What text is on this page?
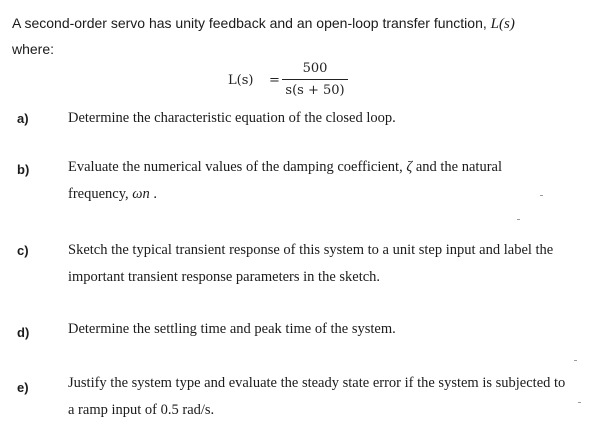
A second-order servo has unity feedback and an open-loop transfer function, L(s)
where:
L(s) =
500
s(s + 50)
a)	Determine the characteristic equation of the closed loop.
b)	Evaluate the numerical values of the damping coefficient, ζ and the natural frequency, ωn .
c)	Sketch the typical transient response of this system to a unit step input and label the important transient response parameters in the sketch.
d)	Determine the settling time and peak time of the system.
e)	Justify the system type and evaluate the steady state error if the system is subjected to a ramp input of 0.5 rad/s.
